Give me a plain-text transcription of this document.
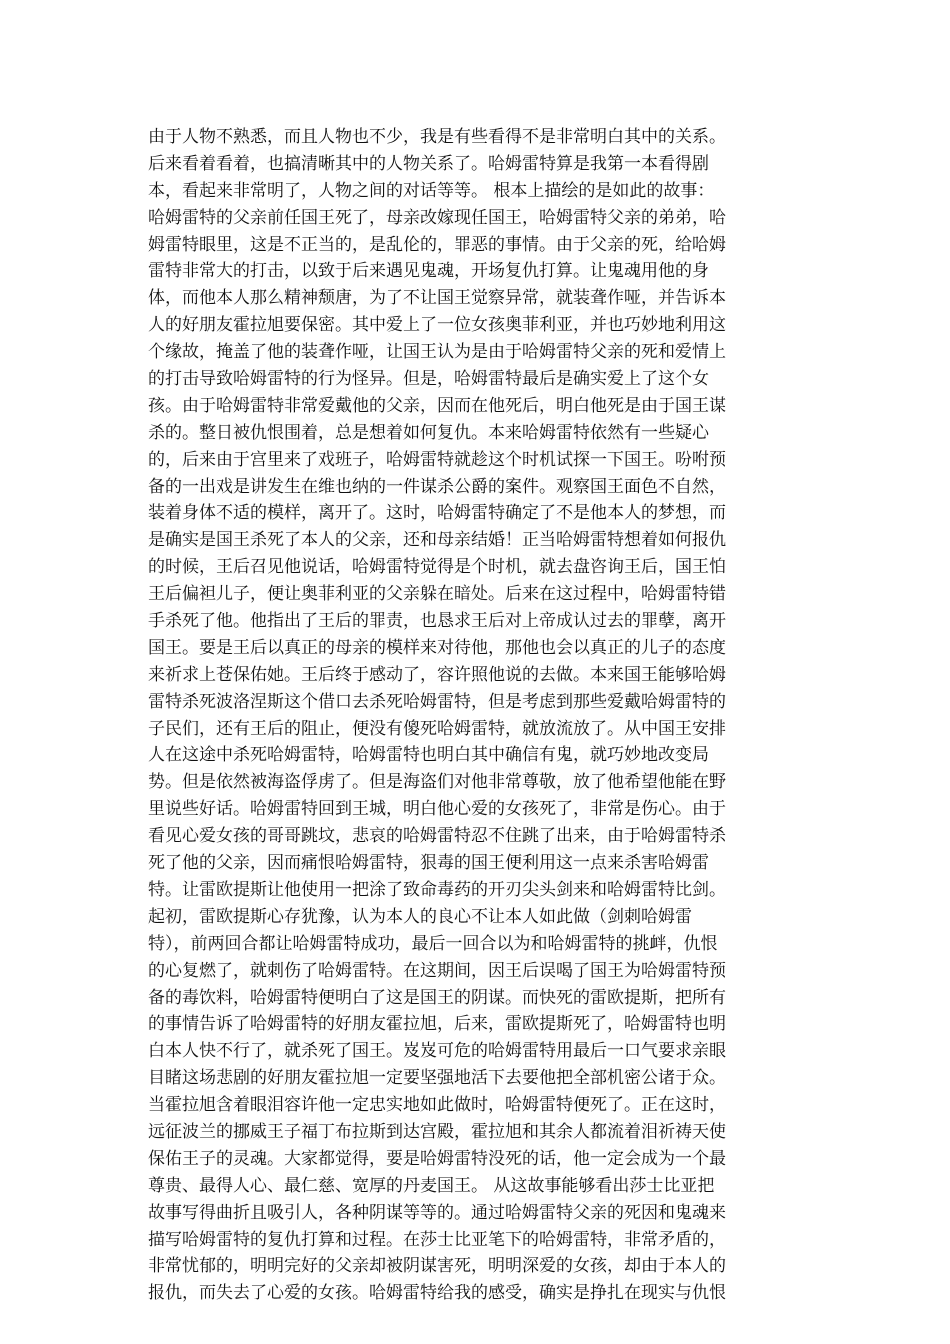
由于人物不熟悉，而且人物也不少，我是有些看得不是非常明白其中的关系。
后来看着看着，也搞清晰其中的人物关系了。哈姆雷特算是我第一本看得剧
本，看起来非常明了，人物之间的对话等等。 根本上描绘的是如此的故事：
哈姆雷特的父亲前任国王死了，母亲改嫁现任国王，哈姆雷特父亲的弟弟，哈
姆雷特眼里，这是不正当的，是乱伦的，罪恶的事情。由于父亲的死，给哈姆
雷特非常大的打击，以致于后来遇见鬼魂，开场复仇打算。让鬼魂用他的身
体，而他本人那么精神颓唐，为了不让国王觉察异常，就装聋作哑，并告诉本
人的好朋友霍拉旭要保密。其中爱上了一位女孩奥菲利亚，并也巧妙地利用这
个缘故，掩盖了他的装聋作哑，让国王认为是由于哈姆雷特父亲的死和爱情上
的打击导致哈姆雷特的行为怪异。但是，哈姆雷特最后是确实爱上了这个女
孩。由于哈姆雷特非常爱戴他的父亲，因而在他死后，明白他死是由于国王谋
杀的。整日被仇恨围着，总是想着如何复仇。本来哈姆雷特依然有一些疑心
的，后来由于宫里来了戏班子，哈姆雷特就趁这个时机试探一下国王。吩咐预
备的一出戏是讲发生在维也纳的一件谋杀公爵的案件。观察国王面色不自然，
装着身体不适的模样，离开了。这时，哈姆雷特确定了不是他本人的梦想，而
是确实是国王杀死了本人的父亲，还和母亲结婚！正当哈姆雷特想着如何报仇
的时候，王后召见他说话，哈姆雷特觉得是个时机，就去盘咨询王后，国王怕
王后偏袒儿子，便让奥菲利亚的父亲躲在暗处。后来在这过程中，哈姆雷特错
手杀死了他。他指出了王后的罪责，也恳求王后对上帝成认过去的罪孽，离开
国王。要是王后以真正的母亲的模样来对待他，那他也会以真正的儿子的态度
来祈求上苍保佑她。王后终于感动了，容许照他说的去做。本来国王能够哈姆
雷特杀死波洛涅斯这个借口去杀死哈姆雷特，但是考虑到那些爱戴哈姆雷特的
子民们，还有王后的阻止，便没有傻死哈姆雷特，就放流放了。从中国王安排
人在这途中杀死哈姆雷特，哈姆雷特也明白其中确信有鬼，就巧妙地改变局
势。但是依然被海盗俘虏了。但是海盗们对他非常尊敬，放了他希望他能在野
里说些好话。哈姆雷特回到王城，明白他心爱的女孩死了，非常是伤心。由于
看见心爱女孩的哥哥跳坟，悲哀的哈姆雷特忍不住跳了出来，由于哈姆雷特杀
死了他的父亲，因而痛恨哈姆雷特，狠毒的国王便利用这一点来杀害哈姆雷
特。让雷欧提斯让他使用一把涂了致命毒药的开刃尖头剑来和哈姆雷特比剑。
起初，雷欧提斯心存犹豫，认为本人的良心不让本人如此做（剑刺哈姆雷
特），前两回合都让哈姆雷特成功，最后一回合以为和哈姆雷特的挑衅，仇恨
的心复燃了，就刺伤了哈姆雷特。在这期间，因王后误喝了国王为哈姆雷特预
备的毒饮料，哈姆雷特便明白了这是国王的阴谋。而快死的雷欧提斯，把所有
的事情告诉了哈姆雷特的好朋友霍拉旭，后来，雷欧提斯死了，哈姆雷特也明
白本人快不行了，就杀死了国王。岌岌可危的哈姆雷特用最后一口气要求亲眼
目睹这场悲剧的好朋友霍拉旭一定要坚强地活下去要他把全部机密公诸于众。
当霍拉旭含着眼泪容许他一定忠实地如此做时，哈姆雷特便死了。正在这时，
远征波兰的挪威王子福丁布拉斯到达宫殿，霍拉旭和其余人都流着泪祈祷天使
保佑王子的灵魂。大家都觉得，要是哈姆雷特没死的话，他一定会成为一个最
尊贵、最得人心、最仁慈、宽厚的丹麦国王。 从这故事能够看出莎士比亚把
故事写得曲折且吸引人，各种阴谋等等的。通过哈姆雷特父亲的死因和鬼魂来
描写哈姆雷特的复仇打算和过程。在莎士比亚笔下的哈姆雷特，非常矛盾的，
非常忧郁的，明明完好的父亲却被阴谋害死，明明深爱的女孩，却由于本人的
报仇，而失去了心爱的女孩。哈姆雷特给我的感受，确实是挣扎在现实与仇恨
